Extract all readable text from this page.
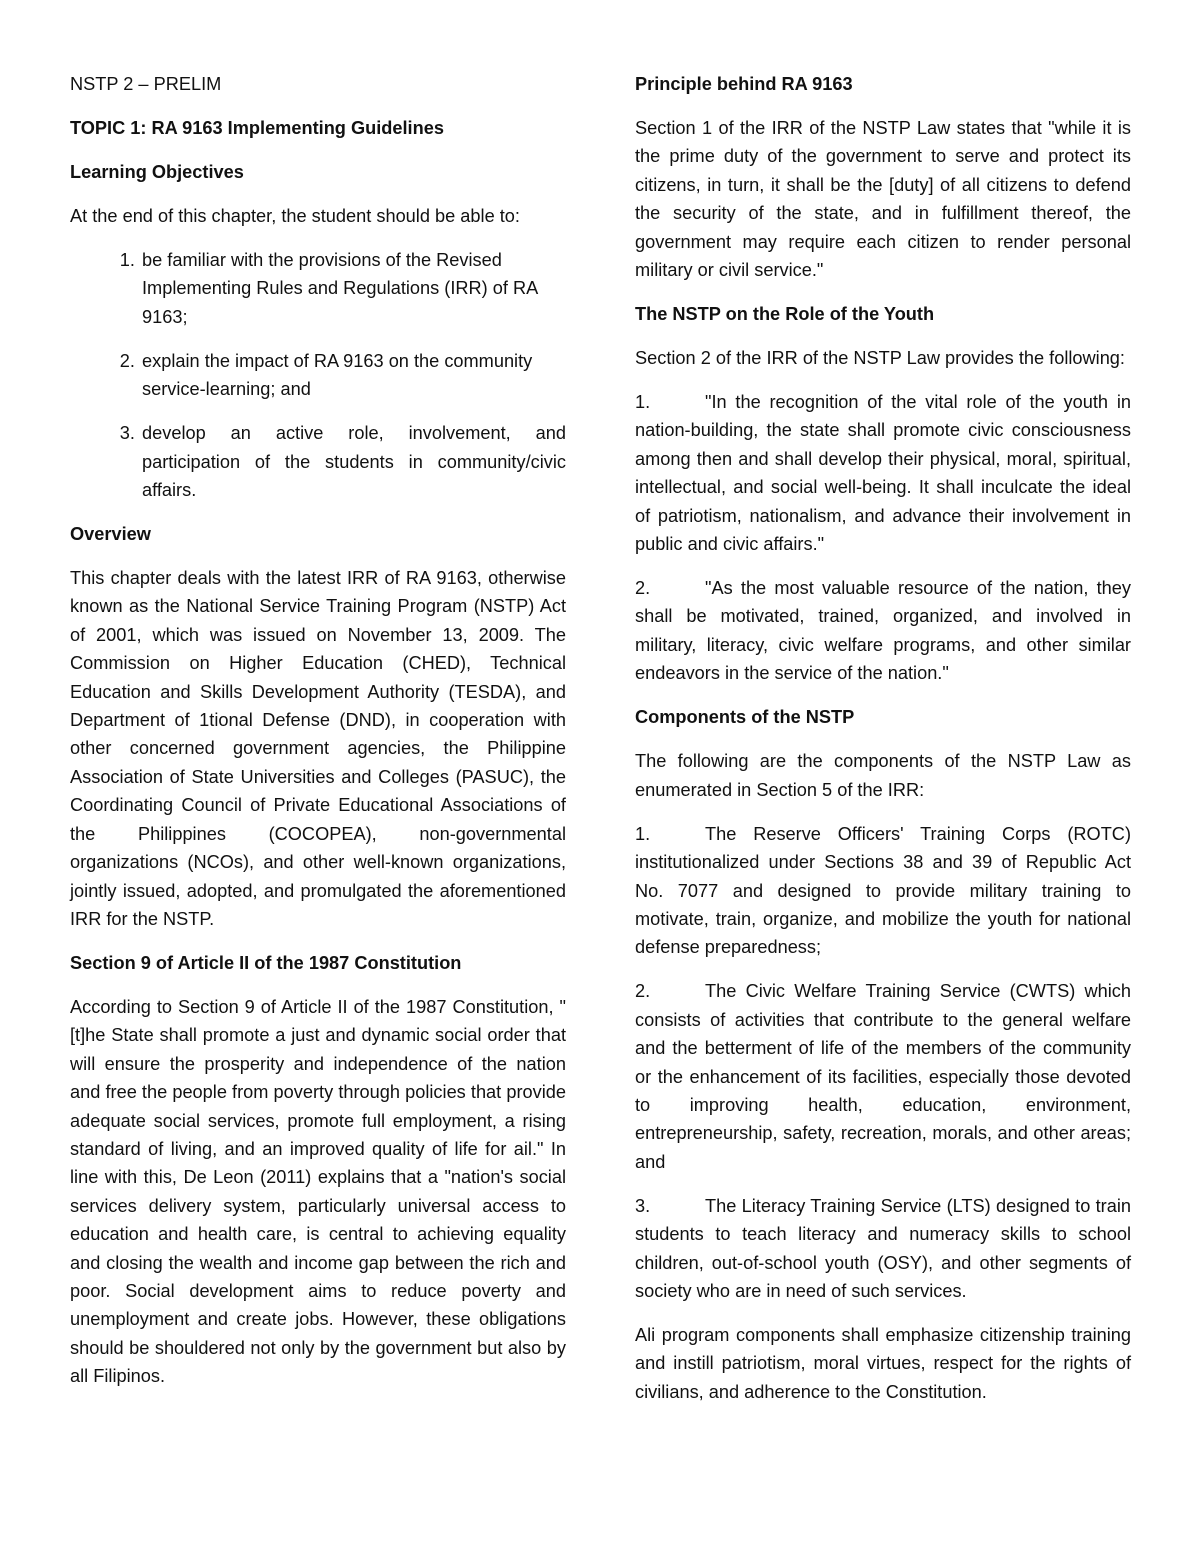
NSTP 2 – PRELIM

TOPIC 1: RA 9163 Implementing Guidelines

Learning Objectives

At the end of this chapter, the student should be able to:

1. be familiar with the provisions of the Revised Implementing Rules and Regulations (IRR) of RA 9163;
2. explain the impact of RA 9163 on the community service-learning; and
3. develop an active role, involvement, and participation of the students in community/civic affairs.

Overview

This chapter deals with the latest IRR of RA 9163, otherwise known as the National Service Training Program (NSTP) Act of 2001, which was issued on November 13, 2009. The Commission on Higher Education (CHED), Technical Education and Skills Development Authority (TESDA), and Department of 1tional Defense (DND), in cooperation with other concerned government agencies, the Philippine Association of State Universities and Colleges (PASUC), the Coordinating Council of Private Educational Associations of the Philippines (COCOPEA), non-governmental organizations (NCOs), and other well-known organizations, jointly issued, adopted, and promulgated the aforementioned IRR for the NSTP.

Section 9 of Article II of the 1987 Constitution

According to Section 9 of Article II of the 1987 Constitution, "[t]he State shall promote a just and dynamic social order that will ensure the prosperity and independence of the nation and free the people from poverty through policies that provide adequate social services, promote full employment, a rising standard of living, and an improved quality of life for ail." In line with this, De Leon (2011) explains that a "nation's social services delivery system, particularly universal access to education and health care, is central to achieving equality and closing the wealth and income gap between the rich and poor. Social development aims to reduce poverty and unemployment and create jobs. However, these obligations should be shouldered not only by the government but also by all Filipinos.

Principle behind RA 9163

Section 1 of the IRR of the NSTP Law states that "while it is the prime duty of the government to serve and protect its citizens, in turn, it shall be the [duty] of all citizens to defend the security of the state, and in fulfillment thereof, the government may require each citizen to render personal military or civil service."

The NSTP on the Role of the Youth

Section 2 of the IRR of the NSTP Law provides the following:

1.	"In the recognition of the vital role of the youth in nation-building, the state shall promote civic consciousness among then and shall develop their physical, moral, spiritual, intellectual, and social well-being. It shall inculcate the ideal of patriotism, nationalism, and advance their involvement in public and civic affairs."

2.	"As the most valuable resource of the nation, they shall be motivated, trained, organized, and involved in military, literacy, civic welfare programs, and other similar endeavors in the service of the nation."

Components of the NSTP

The following are the components of the NSTP Law as enumerated in Section 5 of the IRR:

1.	The Reserve Officers' Training Corps (ROTC) institutionalized under Sections 38 and 39 of Republic Act No. 7077 and designed to provide military training to motivate, train, organize, and mobilize the youth for national defense preparedness;

2.	The Civic Welfare Training Service (CWTS) which consists of activities that contribute to the general welfare and the betterment of life of the members of the community or the enhancement of its facilities, especially those devoted to improving health, education, environment, entrepreneurship, safety, recreation, morals, and other areas; and

3.	The Literacy Training Service (LTS) designed to train students to teach literacy and numeracy skills to school children, out-of-school youth (OSY), and other segments of society who are in need of such services.

Ali program components shall emphasize citizenship training and instill patriotism, moral virtues, respect for the rights of civilians, and adherence to the Constitution.
